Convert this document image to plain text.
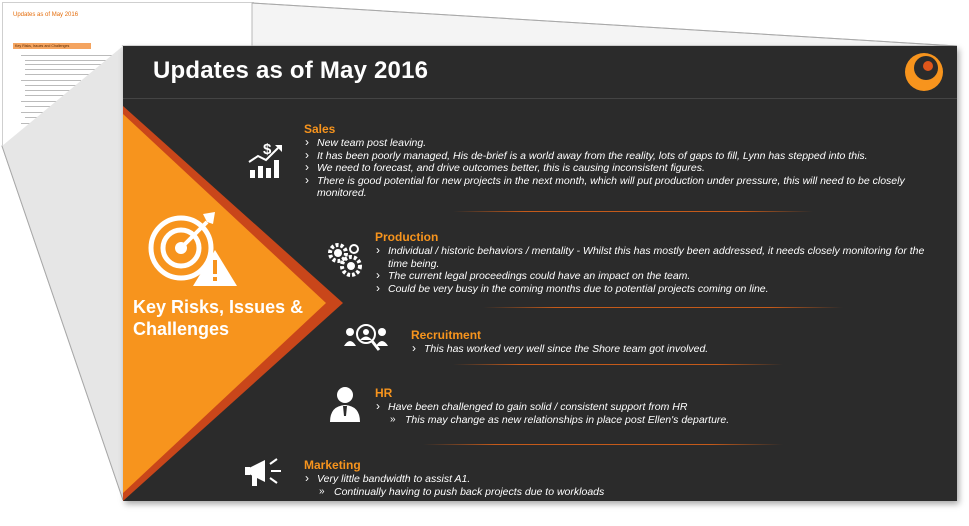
Updates as of May 2016
Key Risks, Issues and Challenges
Updates as of May 2016
Key Risks, Issues & Challenges
$
Sales
› New team post leaving.
› It has been poorly managed, His de-brief is a world away from the reality, lots of gaps to fill, Lynn has stepped into this.
› We need to forecast, and drive outcomes better, this is causing inconsistent figures.
› There is good potential for new projects in the next month, which will put production under pressure, this will need to be closely monitored.
Production
› Individual / historic behaviors / mentality - Whilst this has mostly been addressed, it needs closely monitoring for the time being.
› The current legal proceedings could have an impact on the team.
› Could be very busy in the coming months due to potential projects coming on line.
Recruitment
› This has worked very well since the Shore team got involved.
HR
› Have been challenged to gain solid / consistent support from HR
» This may change as new relationships in place post Ellen's departure.
Marketing
› Very little bandwidth to assist A1.
» Continually having to push back projects due to workloads
